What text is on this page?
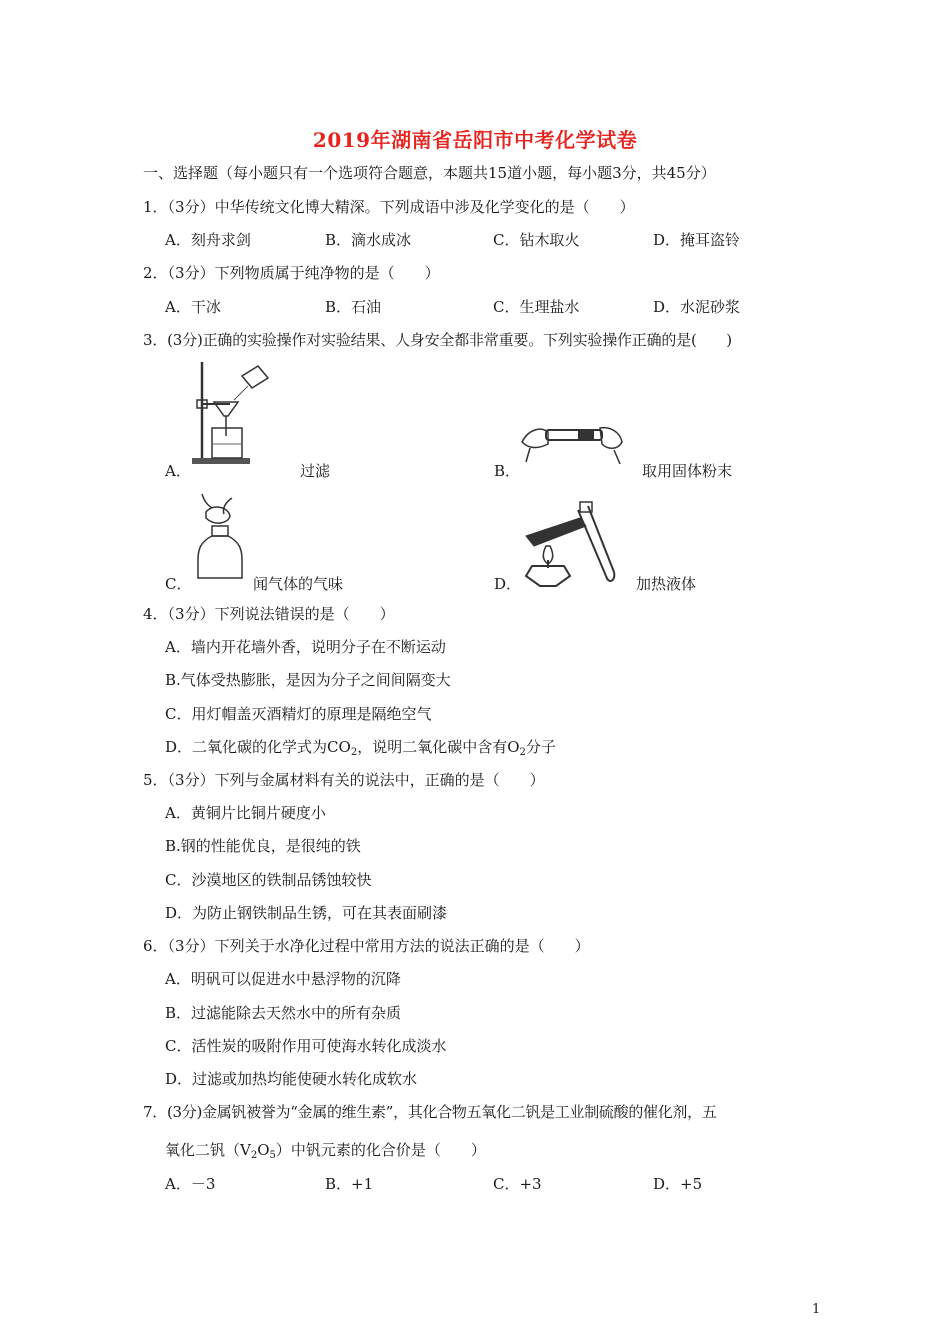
2019年湖南省岳阳市中考化学试卷
一、选择题（每小题只有一个选项符合题意，本题共15道小题，每小题3分，共45分）
1．（3分）中华传统文化博大精深。下列成语中涉及化学变化的是（　　）
A．刻舟求剑	B．滴水成冰	C．钻木取火	D．掩耳盗铃
2．（3分）下列物质属于纯净物的是（　　）
A．干冰	B．石油	C．生理盐水	D．水泥砂浆
3．(3分)正确的实验操作对实验结果、人身安全都非常重要。下列实验操作正确的是(　　)
A．	过滤	B．	取用固体粉末
C．	闻气体的气味	D．	加热液体
4．（3分）下列说法错误的是（　　）
A．墙内开花墙外香，说明分子在不断运动
B.气体受热膨胀，是因为分子之间间隔变大
C．用灯帽盖灭酒精灯的原理是隔绝空气
D．二氧化碳的化学式为$CO_2$，说明二氧化碳中含有$O_2$分子
5．（3分）下列与金属材料有关的说法中，正确的是（　　）
A．黄铜片比铜片硬度小
B.钢的性能优良，是很纯的铁
C．沙漠地区的铁制品锈蚀较快
D．为防止钢铁制品生锈，可在其表面刷漆
6．（3分）下列关于水净化过程中常用方法的说法正确的是（　　）
A．明矾可以促进水中悬浮物的沉降
B．过滤能除去天然水中的所有杂质
C．活性炭的吸附作用可使海水转化成淡水
D．过滤或加热均能使硬水转化成软水
7．(3分)金属钒被誉为“金属的维生素”，其化合物五氧化二钒是工业制硫酸的催化剂，五
氧化二钒$(V_2O_5)$中钒元素的化合价是（　　）
A．－3	B．+1	C．+3	D．+5
1
